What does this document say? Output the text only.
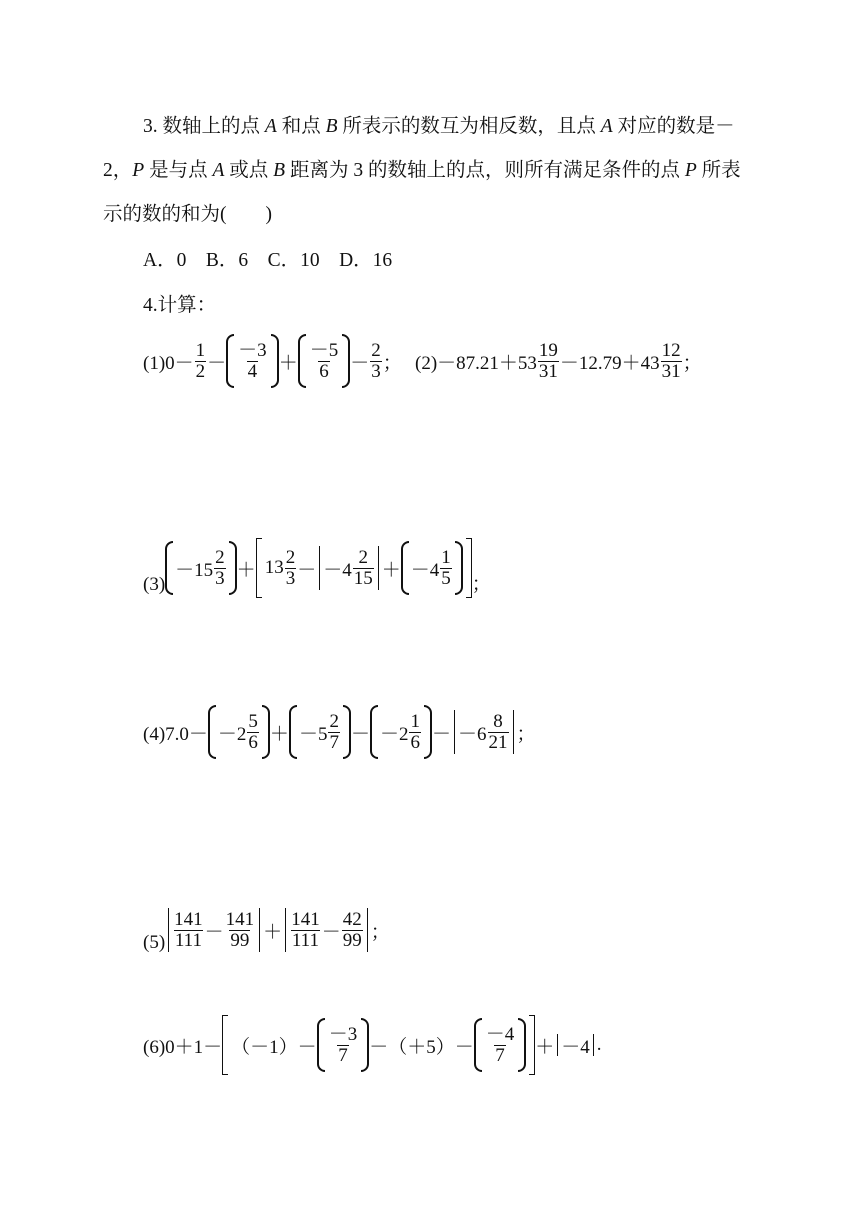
3. 数轴上的点 A 和点 B 所表示的数互为相反数，且点 A 对应的数是－
2，P 是与点 A 或点 B 距离为 3 的数轴上的点，则所有满足条件的点 P 所表
示的数的和为(　　)
A．0　B．6　C．10　D．16
4.计算：
$(1)0- \frac{1}{2} - \frac{-3}{4} + \frac{-5}{6} - \frac{2}{3}$ ； $(2)-87.21+53 \frac{19}{31} -12.79+43 \frac{12}{31}$ ；
(3)
$-15 \frac{2}{3} + 13 \frac{2}{3} - -4 \frac{2}{15} + -4 \frac{1}{5}$ ；
$(4)7.0- -2 \frac{5}{6} + -5 \frac{2}{7} - -2 \frac{1}{6} - -6 \frac{8}{21}$ ；
$(5) \frac{141}{111} - \frac{141}{99} + \frac{141}{111} - \frac{42}{99}$ ；
$(6)0+1- (-1) - \frac{-3}{7} -(+5)- \frac{-4}{7} + -4$ .
